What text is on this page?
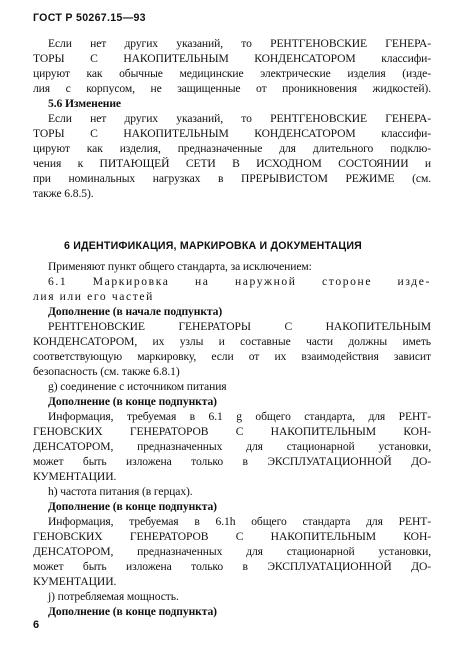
ГОСТ Р 50267.15—93
Если нет других указаний, то РЕНТГЕНОВСКИЕ ГЕНЕРА-
ТОРЫ С НАКОПИТЕЛЬНЫМ КОНДЕНСАТОРОМ классифи-
цируют как обычные медицинские электрические изделия (изде-
лия с корпусом, не защищенные от проникновения жидкостей).
5.6 Изменение
Если нет других указаний, то РЕНТГЕНОВСКИЕ ГЕНЕРА-
ТОРЫ С НАКОПИТЕЛЬНЫМ КОНДЕНСАТОРОМ классифи-
цируют как изделия, предназначенные для длительного подклю-
чения к ПИТАЮЩЕЙ СЕТИ В ИСХОДНОМ СОСТОЯНИИ и
при номинальных нагрузках в ПРЕРЫВИСТОМ РЕЖИМЕ (см.
также 6.8.5).
6 ИДЕНТИФИКАЦИЯ, МАРКИРОВКА И ДОКУМЕНТАЦИЯ
Применяют пункт общего стандарта, за исключением:
6.1 Маркировка на наружной стороне изде-
лия или его частей
Дополнение (в начале подпункта)
РЕНТГЕНОВСКИЕ ГЕНЕРАТОРЫ С НАКОПИТЕЛЬНЫМ
КОНДЕНСАТОРОМ, их узлы и составные части должны иметь
соответствующую маркировку, если от их взаимодействия зависит
безопасность (см. также 6.8.1)
g) соединение с источником питания
Дополнение (в конце подпункта)
Информация, требуемая в 6.1 g общего стандарта, для РЕНТ-
ГЕНОВСКИХ ГЕНЕРАТОРОВ С НАКОПИТЕЛЬНЫМ КОН-
ДЕНСАТОРОМ, предназначенных для стационарной установки,
может быть изложена только в ЭКСПЛУАТАЦИОННОЙ ДО-
КУМЕНТАЦИИ.
h) частота питания (в герцах).
Дополнение (в конце подпункта)
Информация, требуемая в 6.1h общего стандарта для РЕНТ-
ГЕНОВСКИХ ГЕНЕРАТОРОВ С НАКОПИТЕЛЬНЫМ КОН-
ДЕНСАТОРОМ, предназначенных для стационарной установки,
может быть изложена только в ЭКСПЛУАТАЦИОННОЙ ДО-
КУМЕНТАЦИИ.
j) потребляемая мощность.
Дополнение (в конце подпункта)
6
